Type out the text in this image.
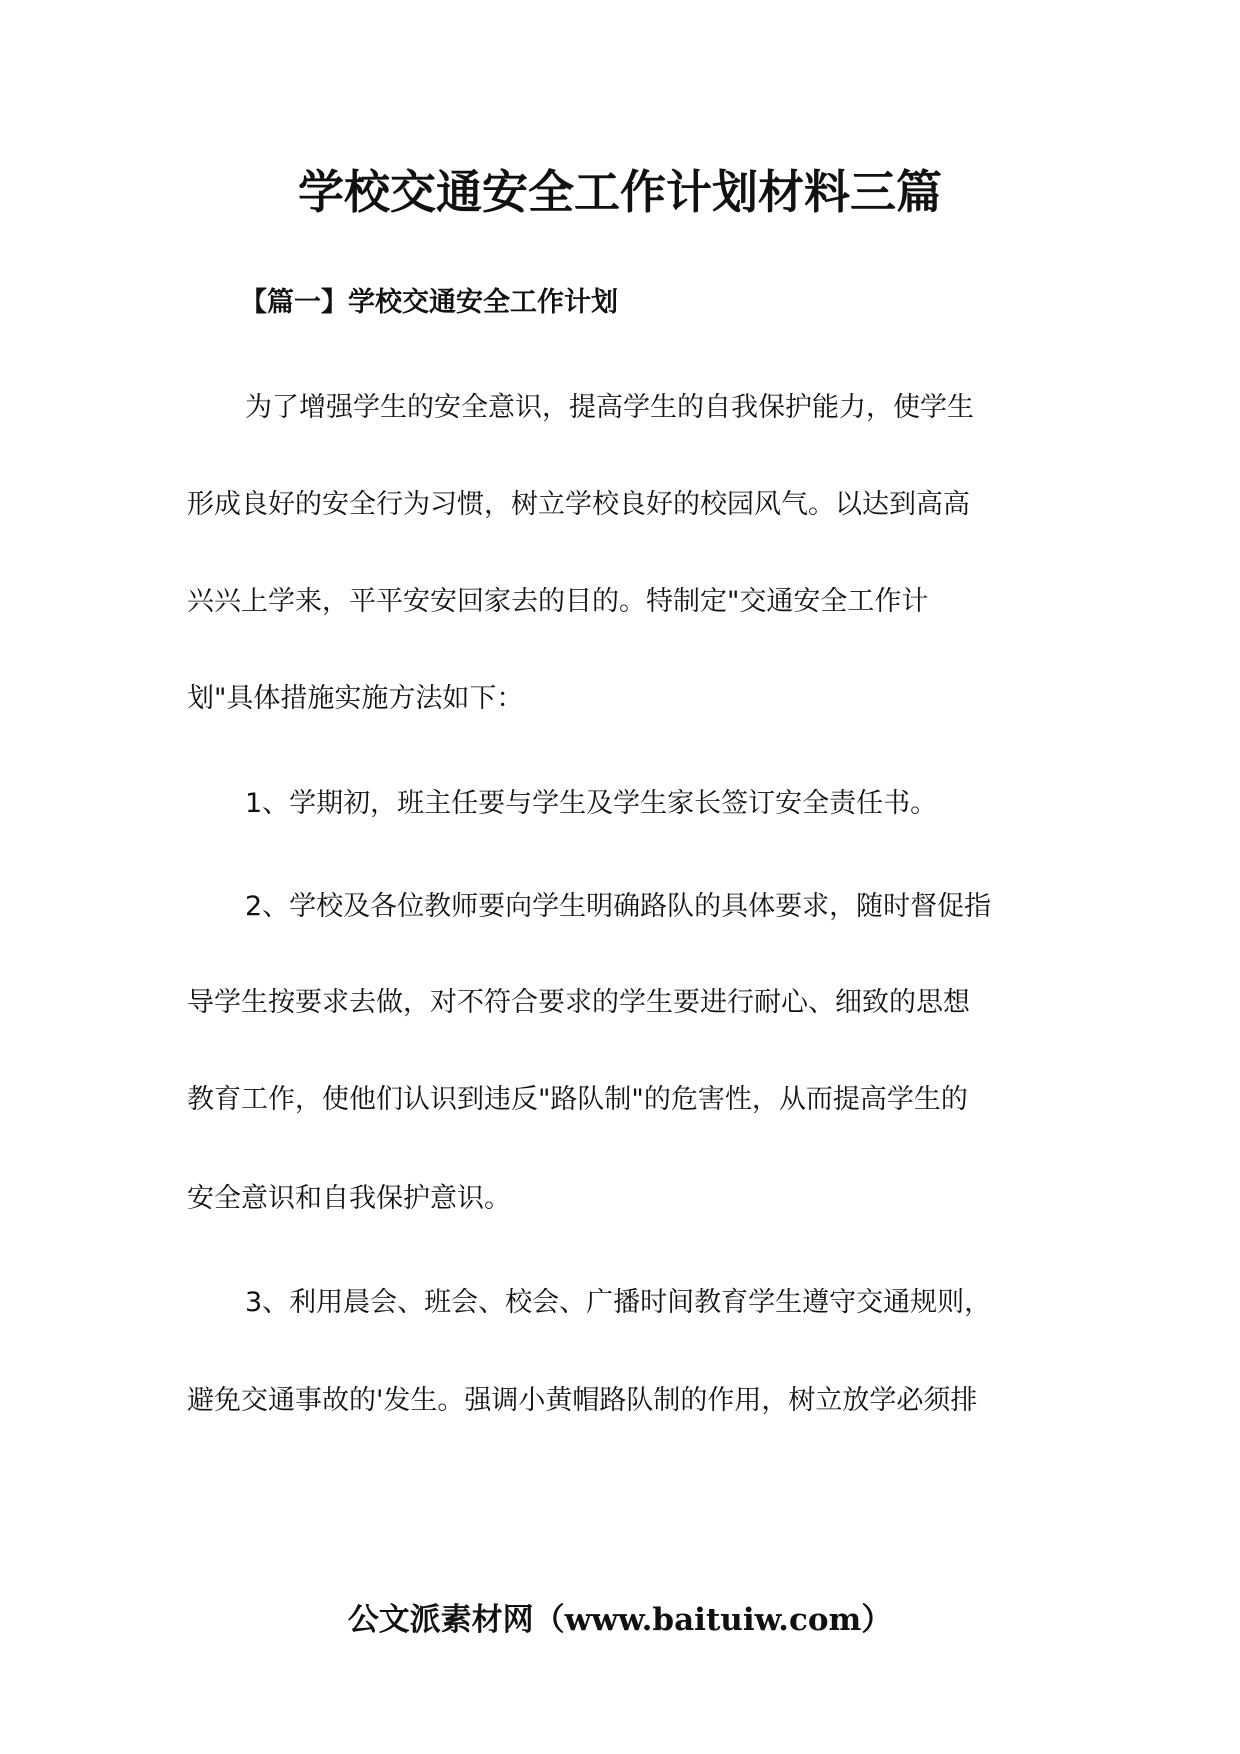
学校交通安全工作计划材料三篇
【篇一】学校交通安全工作计划

为了增强学生的安全意识，提高学生的自我保护能力，使学生

形成良好的安全行为习惯，树立学校良好的校园风气。以达到高高

兴兴上学来，平平安安回家去的目的。特制定"交通安全工作计

划"具体措施实施方法如下：

1、学期初，班主任要与学生及学生家长签订安全责任书。

2、学校及各位教师要向学生明确路队的具体要求，随时督促指

导学生按要求去做，对不符合要求的学生要进行耐心、细致的思想

教育工作，使他们认识到违反"路队制"的危害性，从而提高学生的

安全意识和自我保护意识。

3、利用晨会、班会、校会、广播时间教育学生遵守交通规则，

避免交通事故的'发生。强调小黄帽路队制的作用，树立放学必须排

公文派素材网（www.baituiw.com）
